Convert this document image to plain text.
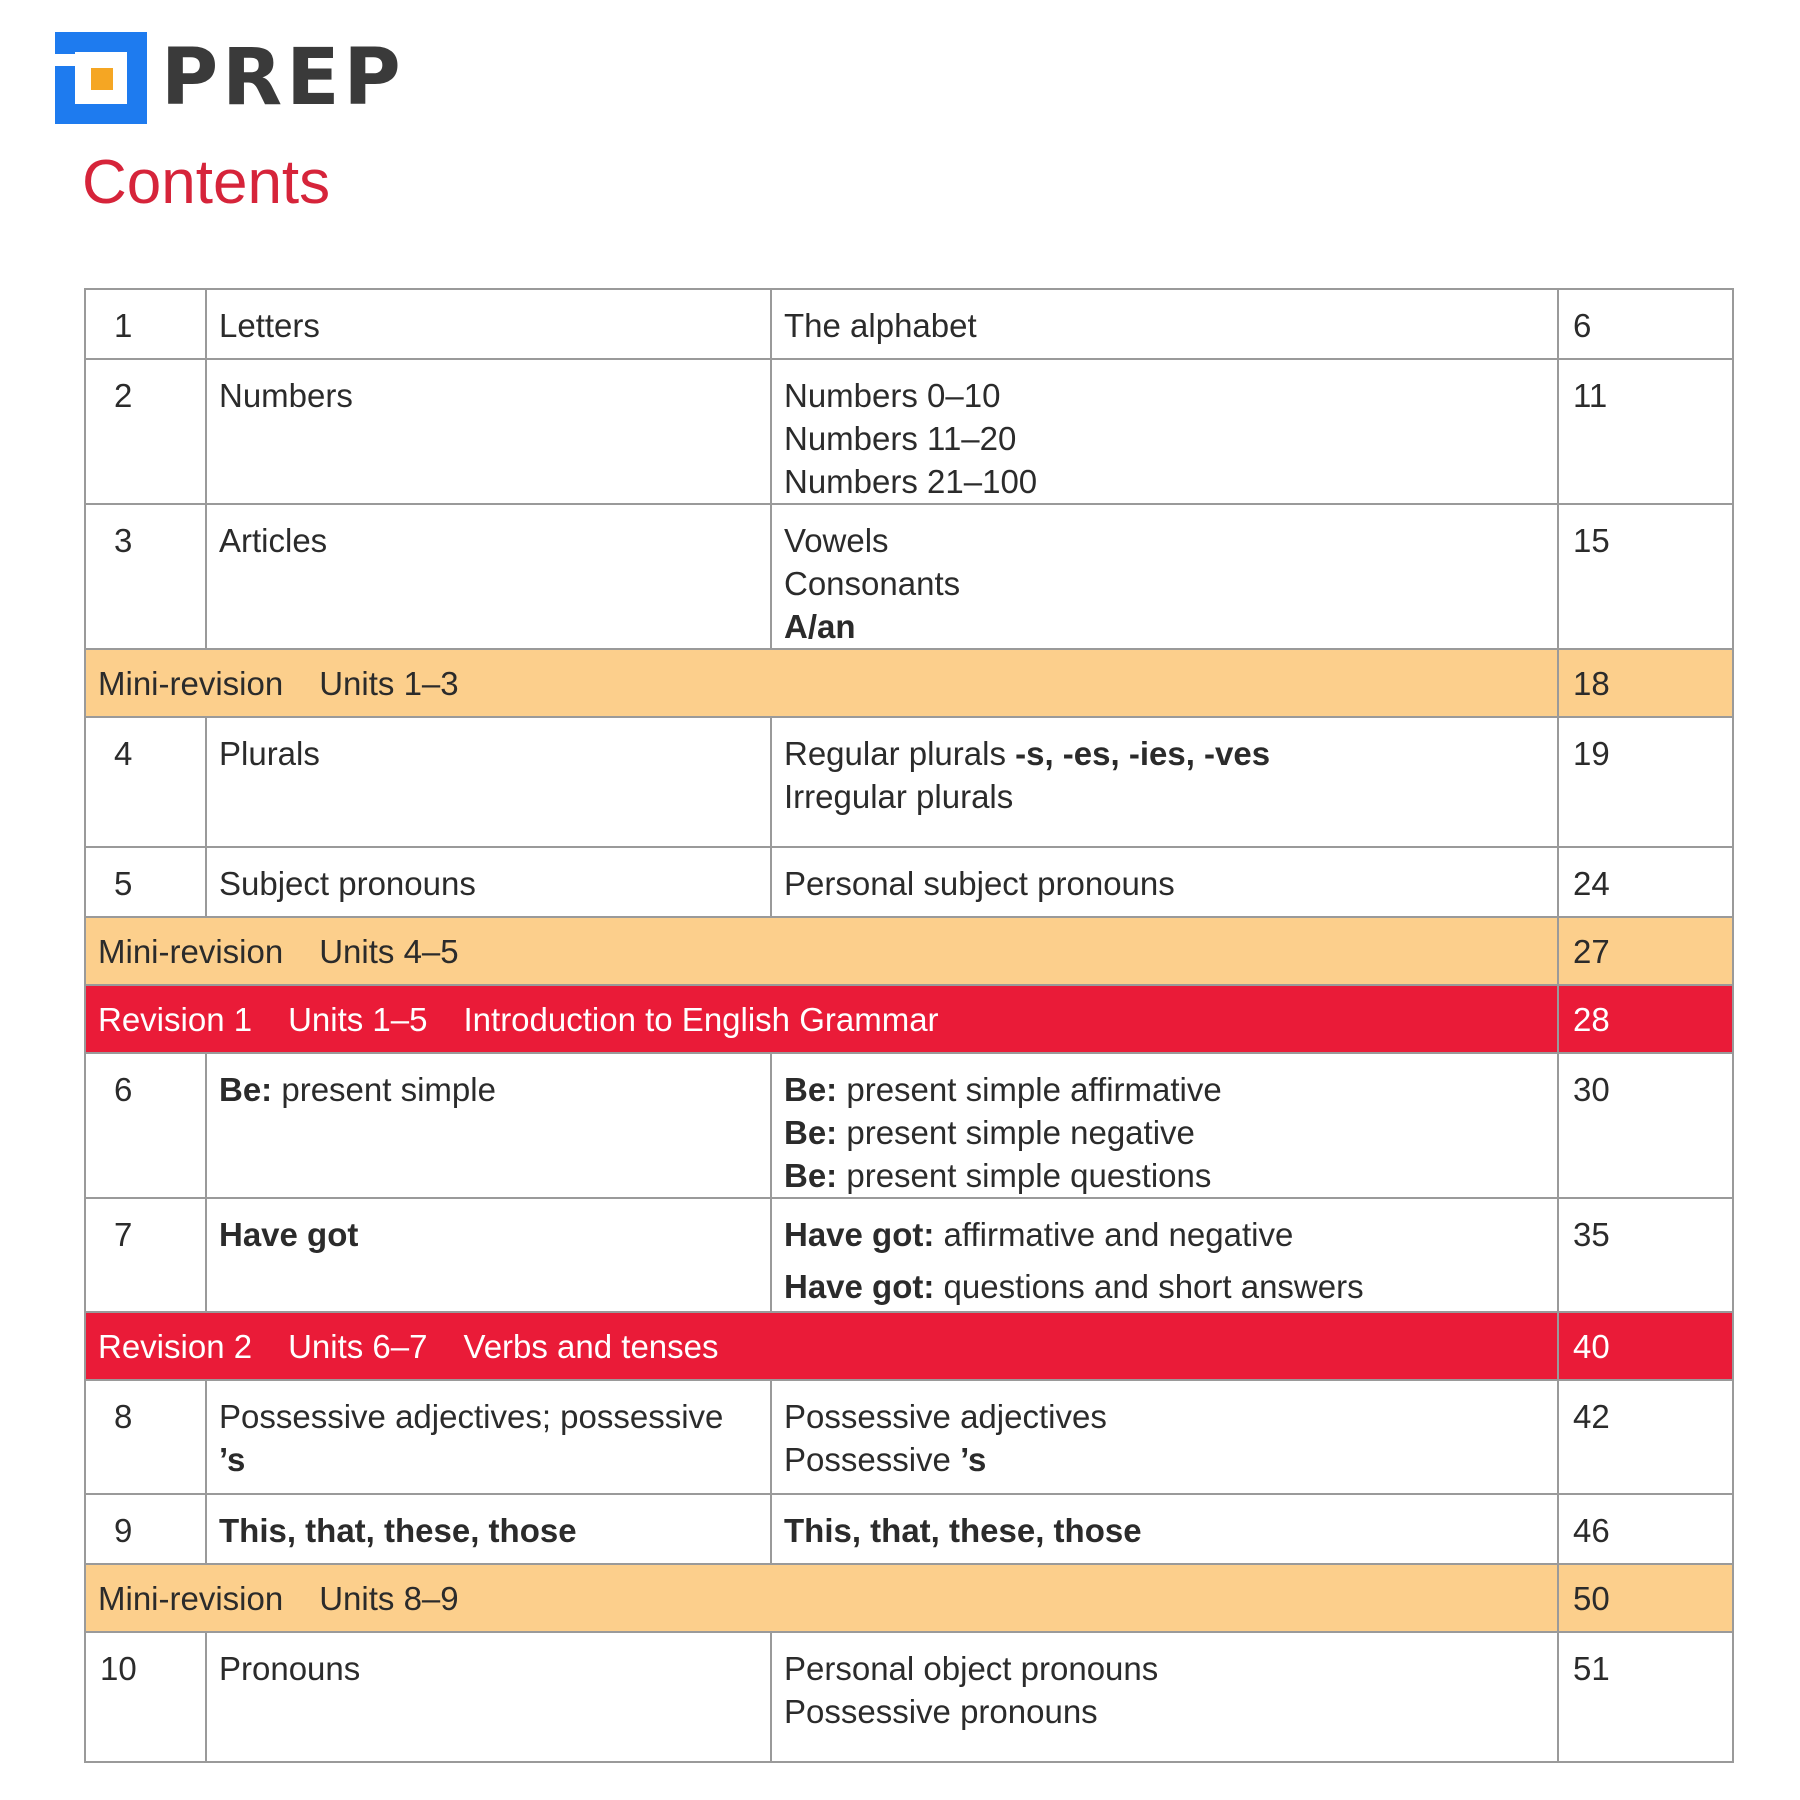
PREP
Contents
1	Letters	The alphabet	6
2	Numbers	Numbers 0–10
Numbers 11–20
Numbers 21–100	11
3	Articles	Vowels
Consonants
A/an	15
Mini-revision Units 1–3			18
4	Plurals	Regular plurals -s, -es, -ies, -ves
Irregular plurals	19
5	Subject pronouns	Personal subject pronouns	24
Mini-revision Units 4–5			27
Revision 1 Units 1–5 Introduction to English Grammar			28
6	Be: present simple	Be: present simple affirmative
Be: present simple negative
Be: present simple questions	30
7	Have got	Have got: affirmative and negative
Have got: questions and short answers	35
Revision 2 Units 6–7 Verbs and tenses			40
8	Possessive adjectives; possessive ’s	Possessive adjectives
Possessive ’s	42
9	This, that, these, those	This, that, these, those	46
Mini-revision Units 8–9			50
10	Pronouns	Personal object pronouns
Possessive pronouns	51
